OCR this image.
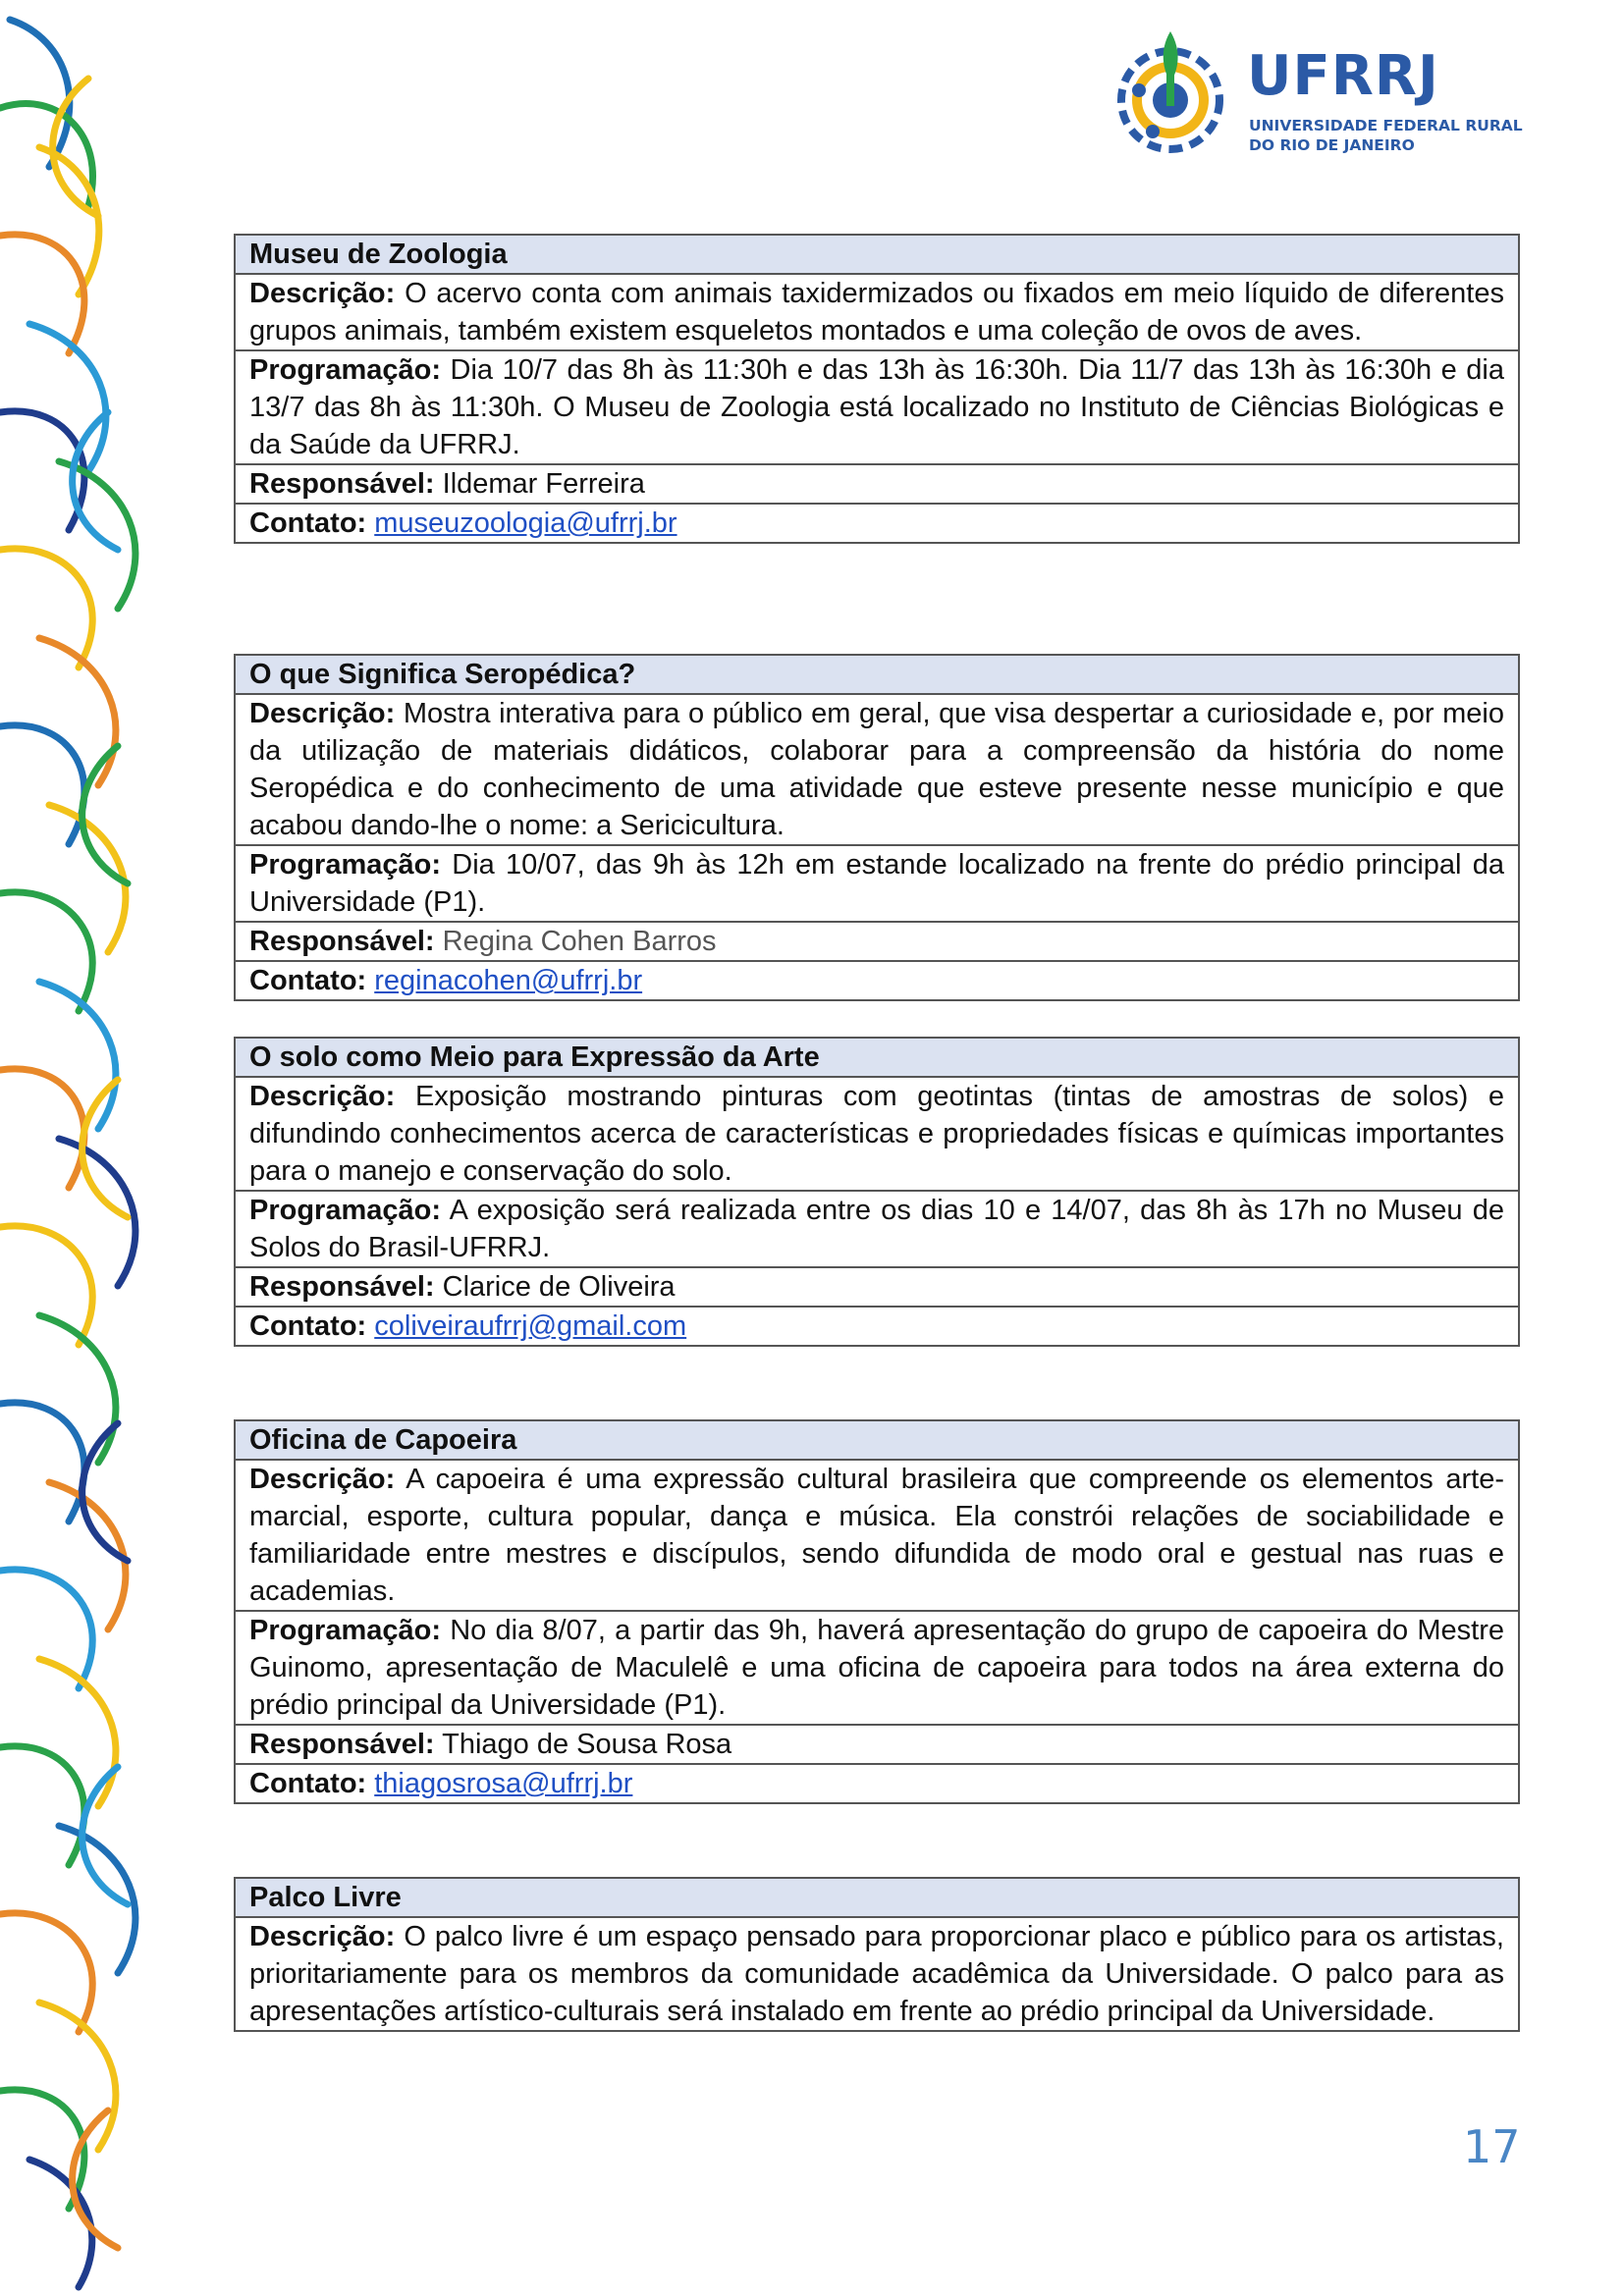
UFRRJ
UNIVERSIDADE FEDERAL RURAL
DO RIO DE JANEIRO
Museu de Zoologia
Descrição: O acervo conta com animais taxidermizados ou fixados em meio líquido de diferentes grupos animais, também existem esqueletos montados e uma coleção de ovos de aves.
Programação: Dia 10/7 das 8h às 11:30h e das 13h às 16:30h. Dia 11/7 das 13h às 16:30h e dia 13/7 das 8h às 11:30h. O Museu de Zoologia está localizado no Instituto de Ciências Biológicas e da Saúde da UFRRJ.
Responsável: Ildemar Ferreira
Contato: museuzoologia@ufrrj.br
O que Significa Seropédica?
Descrição: Mostra interativa para o público em geral, que visa despertar a curiosidade e, por meio da utilização de materiais didáticos, colaborar para a compreensão da história do nome Seropédica e do conhecimento de uma atividade que esteve presente nesse município e que acabou dando-lhe o nome: a Sericicultura.
Programação: Dia 10/07, das 9h às 12h em estande localizado na frente do prédio principal da Universidade (P1).
Responsável: Regina Cohen Barros
Contato: reginacohen@ufrrj.br
O solo como Meio para Expressão da Arte
Descrição: Exposição mostrando pinturas com geotintas (tintas de amostras de solos) e difundindo conhecimentos acerca de características e propriedades físicas e químicas importantes para o manejo e conservação do solo.
Programação: A exposição será realizada entre os dias 10 e 14/07, das 8h às 17h no Museu de Solos do Brasil-UFRRJ.
Responsável: Clarice de Oliveira
Contato: coliveiraufrrj@gmail.com
Oficina de Capoeira
Descrição: A capoeira é uma expressão cultural brasileira que compreende os elementos arte-marcial, esporte, cultura popular, dança e música. Ela constrói relações de sociabilidade e familiaridade entre mestres e discípulos, sendo difundida de modo oral e gestual nas ruas e academias.
Programação: No dia 8/07, a partir das 9h, haverá apresentação do grupo de capoeira do Mestre Guinomo, apresentação de Maculelê e uma oficina de capoeira para todos na área externa do prédio principal da Universidade (P1).
Responsável: Thiago de Sousa Rosa
Contato: thiagosrosa@ufrrj.br
Palco Livre
Descrição: O palco livre é um espaço pensado para proporcionar placo e público para os artistas, prioritariamente para os membros da comunidade acadêmica da Universidade. O palco para as apresentações artístico-culturais será instalado em frente ao prédio principal da Universidade.
17
